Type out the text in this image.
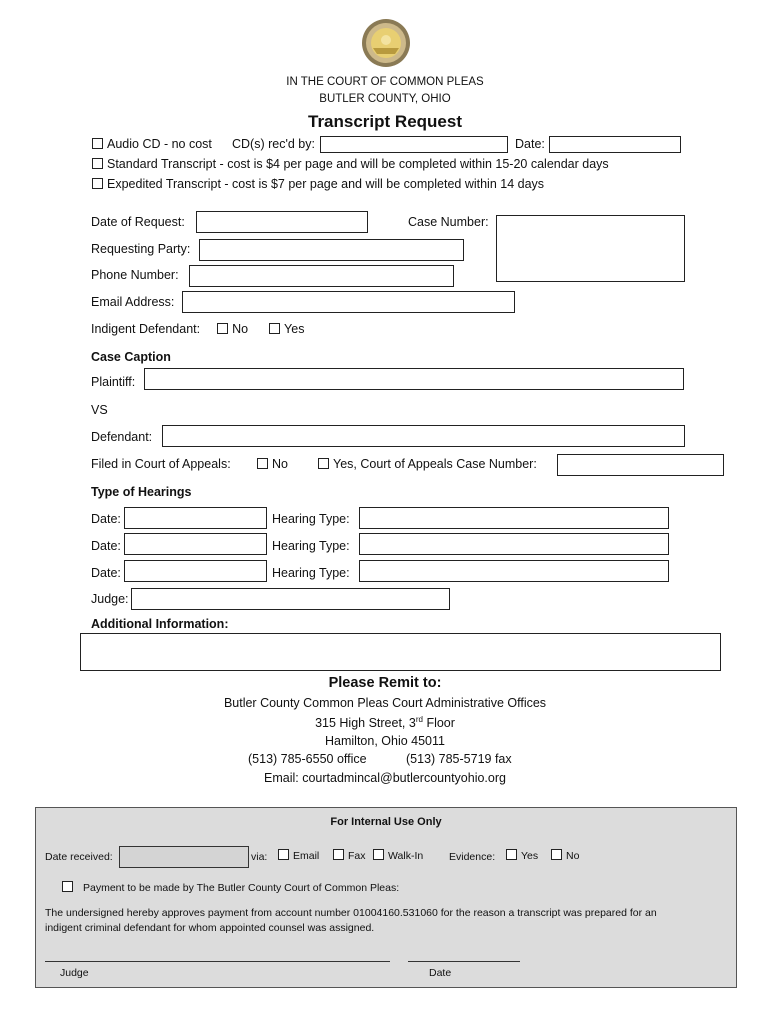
IN THE COURT OF COMMON PLEAS
BUTLER COUNTY, OHIO
Transcript Request
Audio CD - no cost CD(s) rec'd by:	Date:
Standard Transcript - cost is $4 per page and will be completed within 15-20 calendar days
Expedited Transcript - cost is $7 per page and will be completed within 14 days
Date of Request:	Case Number:
Requesting Party:
Phone Number:
Email Address:
Indigent Defendant:	No	Yes
Case Caption
Plaintiff:
VS
Defendant:
Filed in Court of Appeals:	No	Yes, Court of Appeals Case Number:
Type of Hearings
Date:	Hearing Type:
Date:	Hearing Type:
Date:	Hearing Type:
Judge:
Additional Information:
Please Remit to:
Butler County Common Pleas Court Administrative Offices
315 High Street, 3rd Floor
Hamilton, Ohio 45011
(513) 785-6550 office	(513) 785-5719 fax
Email: courtadmincal@butlercountyohio.org
For Internal Use Only
Date received:	via:	Email	Fax	Walk-In Evidence:	Yes	No
Payment to be made by The Butler County Court of Common Pleas:
The undersigned hereby approves payment from account number 01004160.531060 for the reason a transcript was prepared for an
indigent criminal defendant for whom appointed counsel was assigned.
Judge	Date
